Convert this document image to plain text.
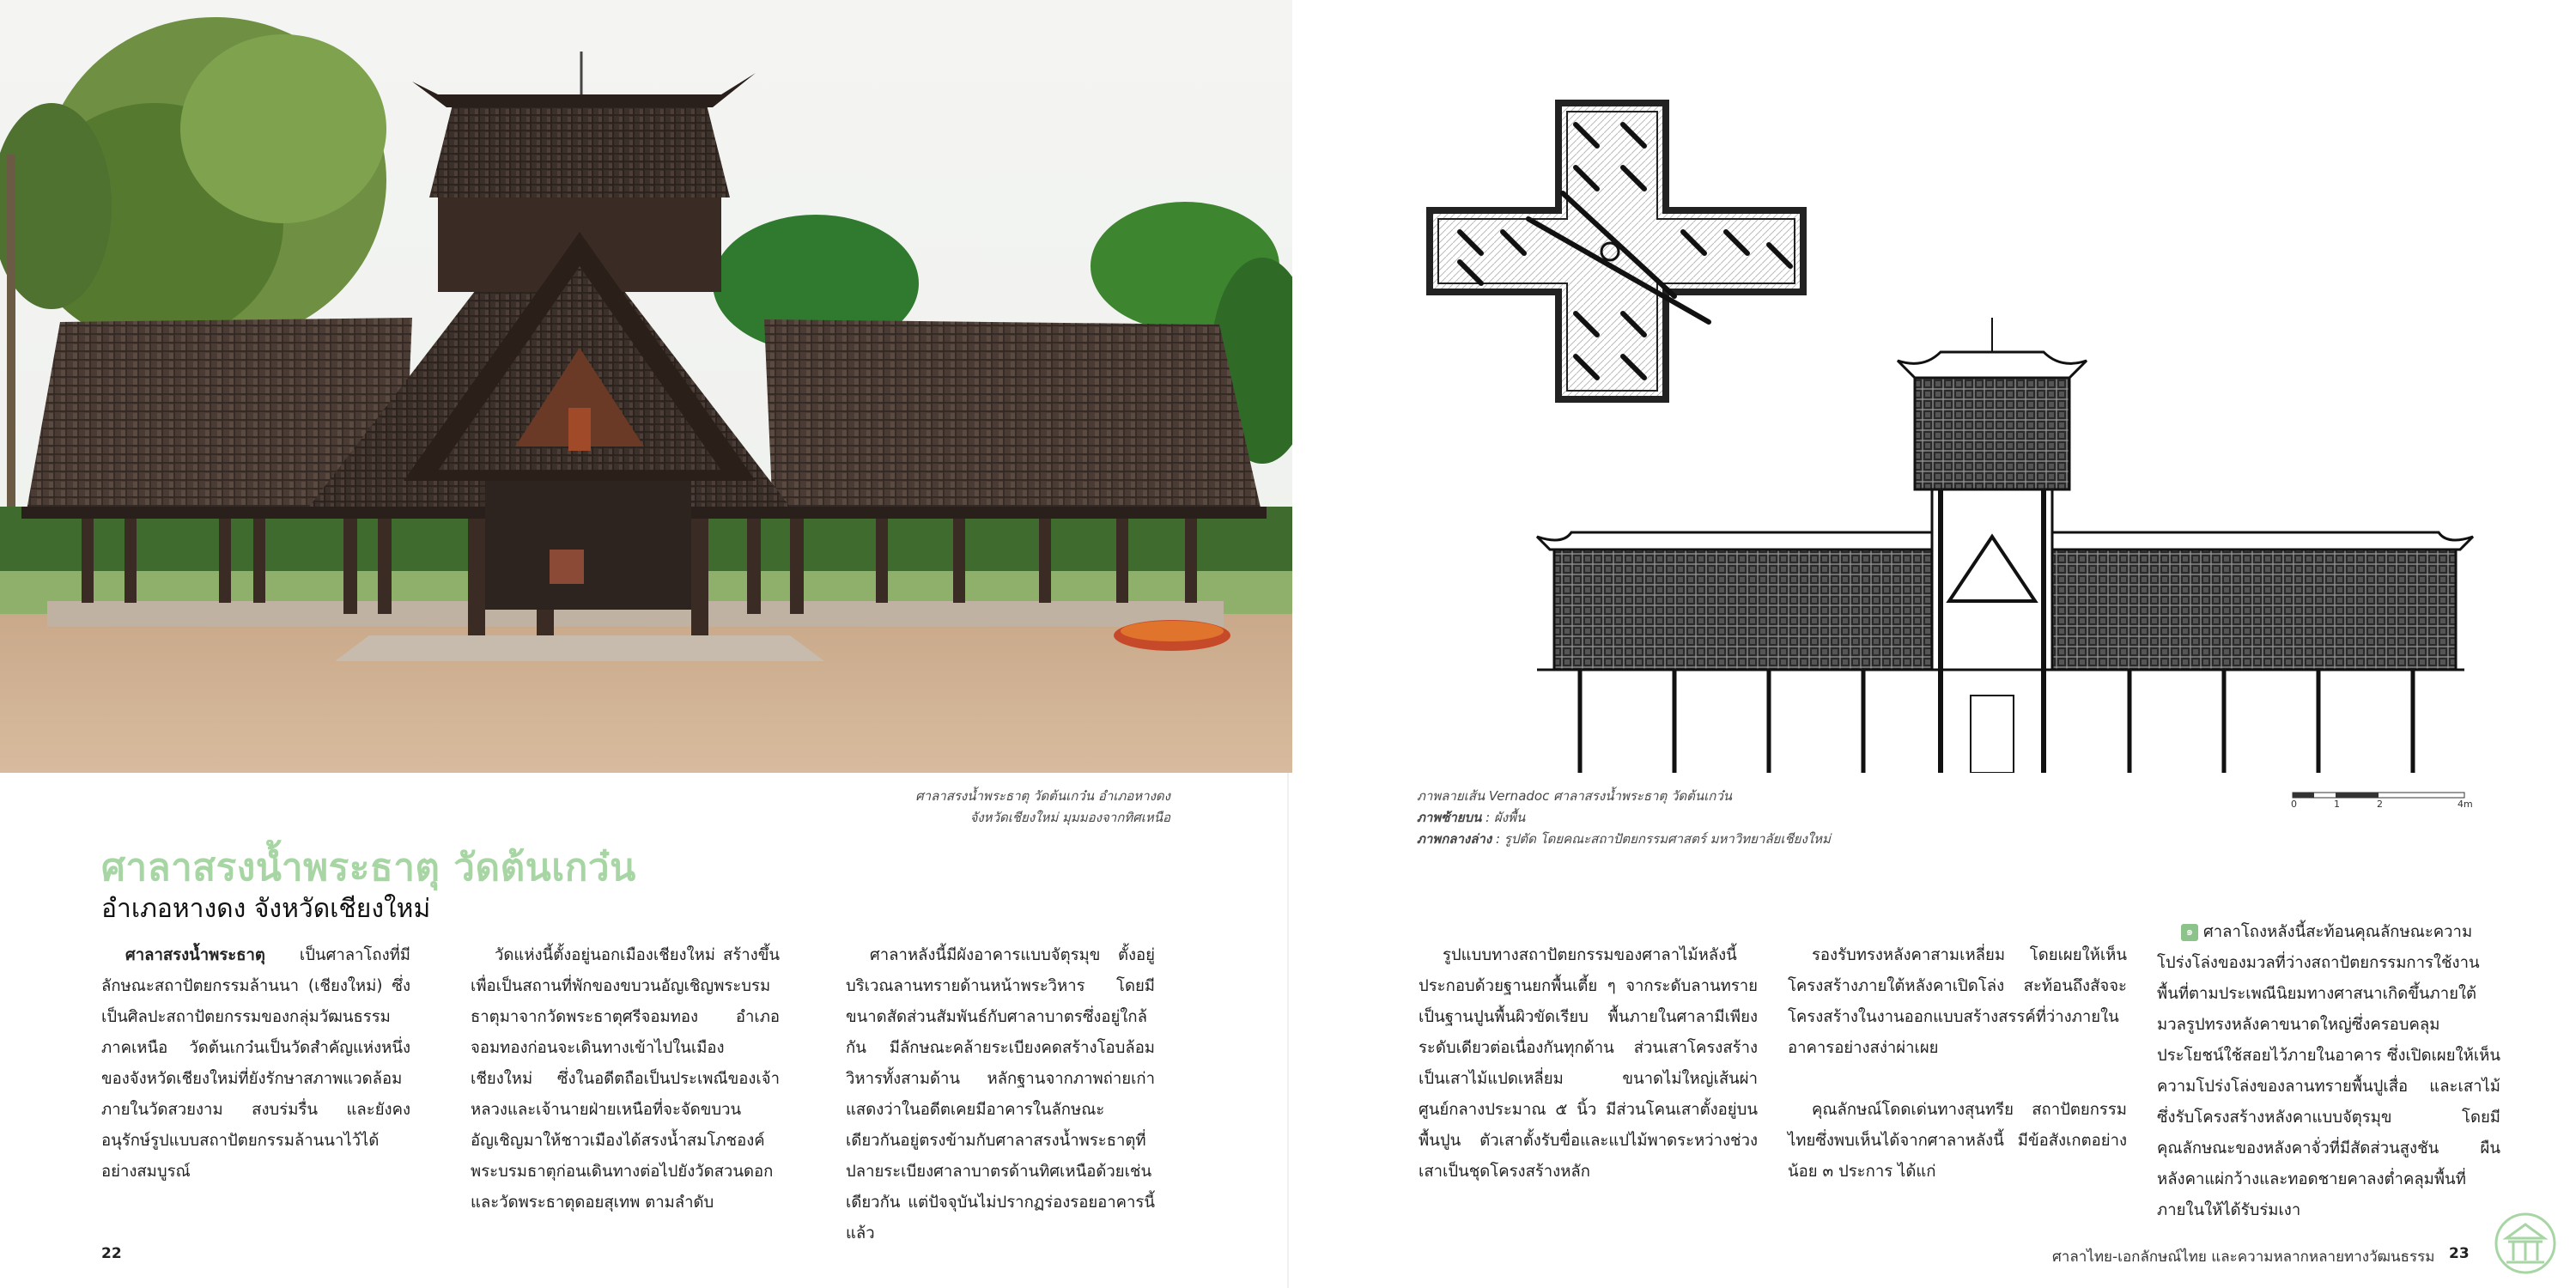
ศาลาสรงน้ำพระธาตุ วัดต้นเกว๋น อำเภอหางดง
จังหวัดเชียงใหม่ มุมมองจากทิศเหนือ
ศาลาสรงน้ำพระธาตุ วัดต้นเกว๋น
อำเภอหางดง จังหวัดเชียงใหม่

ศาลาสรงน้ำพระธาตุ เป็นศาลาโถงที่มีลักษณะสถาปัตยกรรมล้านนา (เชียงใหม่) ซึ่งเป็นศิลปะสถาปัตยกรรมของกลุ่มวัฒนธรรมภาคเหนือ วัดต้นเกว๋นเป็นวัดสำคัญแห่งหนึ่งของจังหวัดเชียงใหม่ที่ยังรักษาสภาพแวดล้อมภายในวัดสวยงาม สงบร่มรื่น และยังคงอนุรักษ์รูปแบบสถาปัตยกรรมล้านนาไว้ได้อย่างสมบูรณ์

วัดแห่งนี้ตั้งอยู่นอกเมืองเชียงใหม่ สร้างขึ้นเพื่อเป็นสถานที่พักของขบวนอัญเชิญพระบรมธาตุมาจากวัดพระธาตุศรีจอมทอง อำเภอจอมทองก่อนจะเดินทางเข้าไปในเมืองเชียงใหม่ ซึ่งในอดีตถือเป็นประเพณีของเจ้าหลวงและเจ้านายฝ่ายเหนือที่จะจัดขบวนอัญเชิญมาให้ชาวเมืองได้สรงน้ำสมโภชองค์พระบรมธาตุก่อนเดินทางต่อไปยังวัดสวนดอก และวัดพระธาตุดอยสุเทพ ตามลำดับ

ศาลาหลังนี้มีผังอาคารแบบจัตุรมุข ตั้งอยู่บริเวณลานทรายด้านหน้าพระวิหาร โดยมีขนาดสัดส่วนสัมพันธ์กับศาลาบาตรซึ่งอยู่ใกล้กัน มีลักษณะคล้ายระเบียงคดสร้างโอบล้อมวิหารทั้งสามด้าน หลักฐานจากภาพถ่ายเก่าแสดงว่าในอดีตเคยมีอาคารในลักษณะเดียวกันอยู่ตรงข้ามกับศาลาสรงน้ำพระธาตุที่ปลายระเบียงศาลาบาตรด้านทิศเหนือด้วยเช่นเดียวกัน แต่ปัจจุบันไม่ปรากฏร่องรอยอาคารนี้แล้ว

22
ภาพลายเส้น Vernadoc ศาลาสรงน้ำพระธาตุ วัดต้นเกว๋น
ภาพซ้ายบน : ผังพื้น
ภาพกลางล่าง : รูปตัด โดยคณะสถาปัตยกรรมศาสตร์ มหาวิทยาลัยเชียงใหม่
0	1	2	4m

รูปแบบทางสถาปัตยกรรมของศาลาไม้หลังนี้ประกอบด้วยฐานยกพื้นเตี้ย ๆ จากระดับลานทรายเป็นฐานปูนพื้นผิวขัดเรียบ พื้นภายในศาลามีเพียงระดับเดียวต่อเนื่องกันทุกด้าน ส่วนเสาโครงสร้างเป็นเสาไม้แปดเหลี่ยม ขนาดไม่ใหญ่เส้นผ่าศูนย์กลางประมาณ ๕ นิ้ว มีส่วนโคนเสาตั้งอยู่บนพื้นปูน ตัวเสาตั้งรับขื่อและแปไม้พาดระหว่างช่วงเสาเป็นชุดโครงสร้างหลัก

รองรับทรงหลังคาสามเหลี่ยม โดยเผยให้เห็นโครงสร้างภายใต้หลังคาเปิดโล่ง สะท้อนถึงสัจจะโครงสร้างในงานออกแบบสร้างสรรค์ที่ว่างภายในอาคารอย่างสง่าผ่าเผย

คุณลักษณ์โดดเด่นทางสุนทรีย สถาปัตยกรรมไทยซึ่งพบเห็นได้จากศาลาหลังนี้ มีข้อสังเกตอย่างน้อย ๓ ประการ ได้แก่

๑ ศาลาโถงหลังนี้สะท้อนคุณลักษณะความโปร่งโล่งของมวลที่ว่างสถาปัตยกรรมการใช้งานพื้นที่ตามประเพณีนิยมทางศาสนาเกิดขึ้นภายใต้มวลรูปทรงหลังคาขนาดใหญ่ซึ่งครอบคลุมประโยชน์ใช้สอยไว้ภายในอาคาร ซึ่งเปิดเผยให้เห็นความโปร่งโล่งของลานทรายพื้นปูเสื่อ และเสาไม้ซึ่งรับโครงสร้างหลังคาแบบจัตุรมุข โดยมีคุณลักษณะของหลังคาจั่วที่มีสัดส่วนสูงชัน ผืนหลังคาแผ่กว้างและทอดชายคาลงต่ำคลุมพื้นที่ภายในให้ได้รับร่มเงา

ศาลาไทย-เอกลักษณ์ไทย และความหลากหลายทางวัฒนธรรม 23
